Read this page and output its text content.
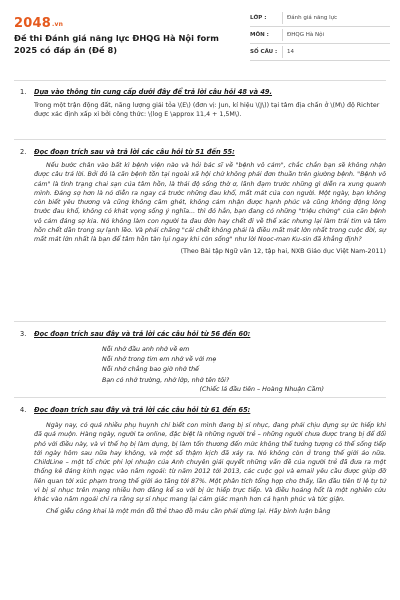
2048.vn
Đề thi Đánh giá năng lực ĐHQG Hà Nội form 2025 có đáp án (Đề 8)
LỚP :	Đánh giá năng lực
MÔN :	ĐHQG Hà Nội
SỐ CÂU :	14
1.	Dựa vào thông tin cung cấp dưới đây để trả lời câu hỏi 48 và 49.
Trong một trận động đất, năng lượng giải tỏa \(E\) (đơn vị: Jun, kí hiệu \(J\)) tại tâm địa chấn ở \(M\) độ Richter được xác định xấp xỉ bởi công thức: \(log E \approx 11,4 + 1,5M\).
2.	Đọc đoạn trích sau và trả lời các câu hỏi từ 51 đến 55:
Nếu bước chân vào bất kì bệnh viện nào và hỏi bác sĩ về "bệnh vô cảm", chắc chắn bạn sẽ không nhận được câu trả lời. Bởi đó là căn bệnh tồn tại ngoài xã hội chứ không phải đơn thuần trên giường bệnh. "Bệnh vô cảm" là tình trạng chai sạn của tâm hồn, là thái độ sống thờ ơ, lãnh đạm trước những gì diễn ra xung quanh mình. Đáng sợ hơn là nó diễn ra ngay cả trước những đau khổ, mất mát của con người. Một ngày, bạn không còn biết yêu thương và cũng không căm ghét, không cảm nhận được hạnh phúc và cũng không động lòng trước đau khổ, không có khát vọng sống ý nghĩa... thì đó hẳn, bạn đang có những "triệu chứng" của căn bệnh vô cảm đáng sợ kia. Nó không làm con người ta đau đớn hay chết đi về thể xác nhưng lại làm trái tim và tâm hồn chết dần trong sự lạnh lẽo. Và phải chăng "cái chết không phải là điều mất mát lớn nhất trong cuộc đời, sự mất mát lớn nhất là bạn để tâm hồn tàn lụi ngay khi còn sống" như lời Nooc-man Ku-sin đã khẳng định?
(Theo Bài tập Ngữ văn 12, tập hai, NXB Giáo dục Việt Nam-2011)
3.	Đọc đoạn trích sau đây và trả lời các câu hỏi từ 56 đến 60:
Nỗi nhớ đầu anh nhớ về em
Nỗi nhớ trong tim em nhớ về với mẹ
Nỗi nhớ chẳng bao giờ nhớ thế
Bạn có nhớ trường, nhớ lớp, nhớ tên tôi?
(Chiếc lá đầu tiên – Hoàng Nhuận Cầm)
4.	Đọc đoạn trích sau đây và trả lời các câu hỏi từ 61 đến 65:
Ngày nay, có quá nhiều phụ huynh chỉ biết con mình đang bị sỉ nhục, đang phải chịu đựng sự ức hiếp khi đã quá muộn. Hàng ngày, người ta online, đặc biệt là những người trẻ – những người chưa được trang bị để đối phó với điều này, và vì thế họ bị làm dụng, bị làm tổn thương đến mức không thể tưởng tượng có thể sống tiếp tới ngày hôm sau nữa hay không, và một số thậm kịch đã xảy ra. Nó không còn ở trong thế giới ảo nữa. ChildLine – một tổ chức phi lợi nhuận của Anh chuyên giải quyết những vấn đề của người trẻ đã đưa ra một thống kê đáng kinh ngạc vào năm ngoái: từ năm 2012 tới 2013, các cuộc gọi và email yêu cầu được giúp đỡ liên quan tới xúc phạm trong thế giới ảo tăng tới 87%. Một phân tích tổng hợp cho thấy, lần đầu tiên tỉ lệ tự tử vì bị sỉ nhục trên mạng nhiều hơn đăng kể so với bị ức hiếp trực tiếp. Và điều hoảng hốt là một nghiên cứu khác vào năm ngoái chỉ ra rằng sự sỉ nhục mang lại cảm giác mạnh hơn cả hạnh phúc và tức giận.
Chế giễu công khai là một món đồ thẻ thao đồ máu cần phải dừng lại. Hãy bình luận bằng
